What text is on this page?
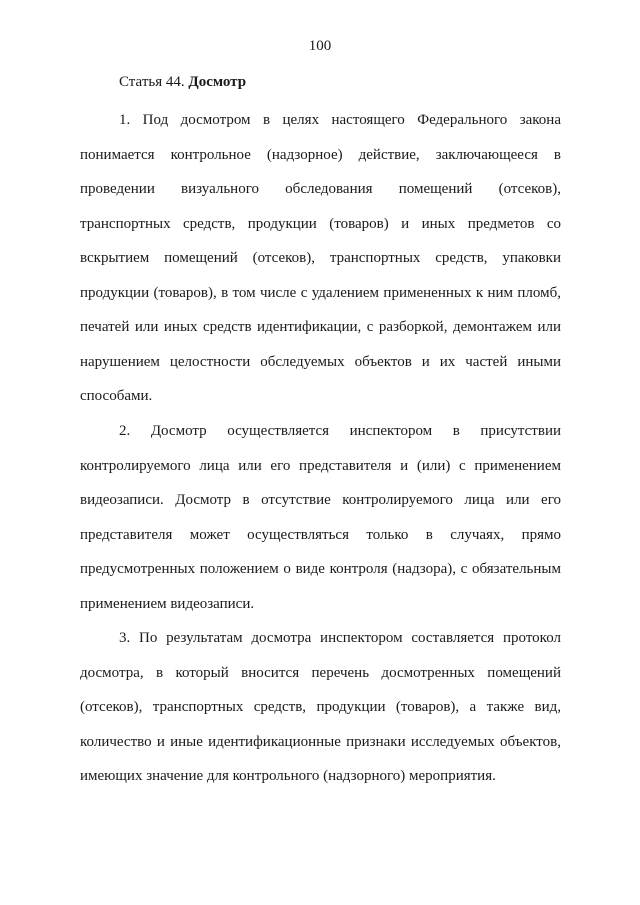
100
Статья 44. Досмотр

1. Под досмотром в целях настоящего Федерального закона понимается контрольное (надзорное) действие, заключающееся в проведении визуального обследования помещений (отсеков), транспортных средств, продукции (товаров) и иных предметов со вскрытием помещений (отсеков), транспортных средств, упаковки продукции (товаров), в том числе с удалением примененных к ним пломб, печатей или иных средств идентификации, с разборкой, демонтажем или нарушением целостности обследуемых объектов и их частей иными способами.

2. Досмотр осуществляется инспектором в присутствии контролируемого лица или его представителя и (или) с применением видеозаписи. Досмотр в отсутствие контролируемого лица или его представителя может осуществляться только в случаях, прямо предусмотренных положением о виде контроля (надзора), с обязательным применением видеозаписи.

3. По результатам досмотра инспектором составляется протокол досмотра, в который вносится перечень досмотренных помещений (отсеков), транспортных средств, продукции (товаров), а также вид, количество и иные идентификационные признаки исследуемых объектов, имеющих значение для контрольного (надзорного) мероприятия.
